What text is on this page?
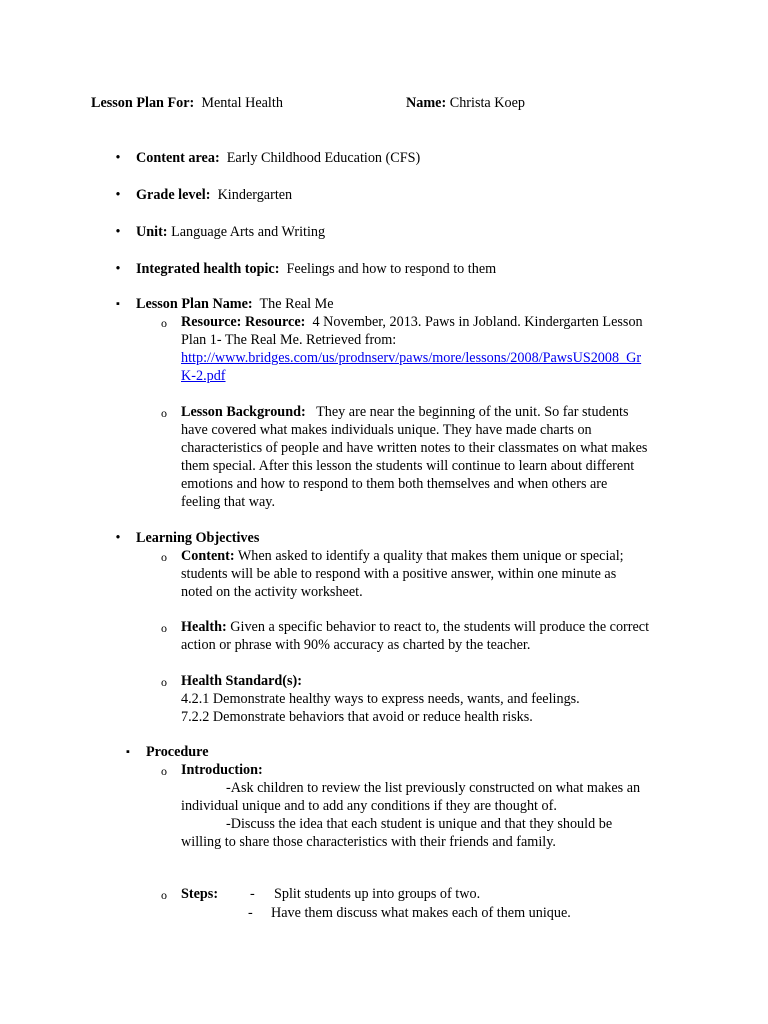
Lesson Plan For: Mental Health	Name: Christa Koep
• Content area: Early Childhood Education (CFS)
• Grade level: Kindergarten
• Unit: Language Arts and Writing
• Integrated health topic: Feelings and how to respond to them
▪ Lesson Plan Name: The Real Me
o Resource: Resource: 4 November, 2013. Paws in Jobland. Kindergarten Lesson
Plan 1- The Real Me. Retrieved from:
http://www.bridges.com/us/prodnserv/paws/more/lessons/2008/PawsUS2008_Gr
K-2.pdf
o Lesson Background: They are near the beginning of the unit. So far students
have covered what makes individuals unique. They have made charts on
characteristics of people and have written notes to their classmates on what makes
them special. After this lesson the students will continue to learn about different
emotions and how to respond to them both themselves and when others are
feeling that way.
• Learning Objectives
o Content: When asked to identify a quality that makes them unique or special;
students will be able to respond with a positive answer, within one minute as
noted on the activity worksheet.
o Health: Given a specific behavior to react to, the students will produce the correct
action or phrase with 90% accuracy as charted by the teacher.
o Health Standard(s):
4.2.1 Demonstrate healthy ways to express needs, wants, and feelings.
7.2.2 Demonstrate behaviors that avoid or reduce health risks.
▪ Procedure
o Introduction:
-Ask children to review the list previously constructed on what makes an
individual unique and to add any conditions if they are thought of.
-Discuss the idea that each student is unique and that they should be
willing to share those characteristics with their friends and family.
o Steps: - Split students up into groups of two.
- Have them discuss what makes each of them unique.
